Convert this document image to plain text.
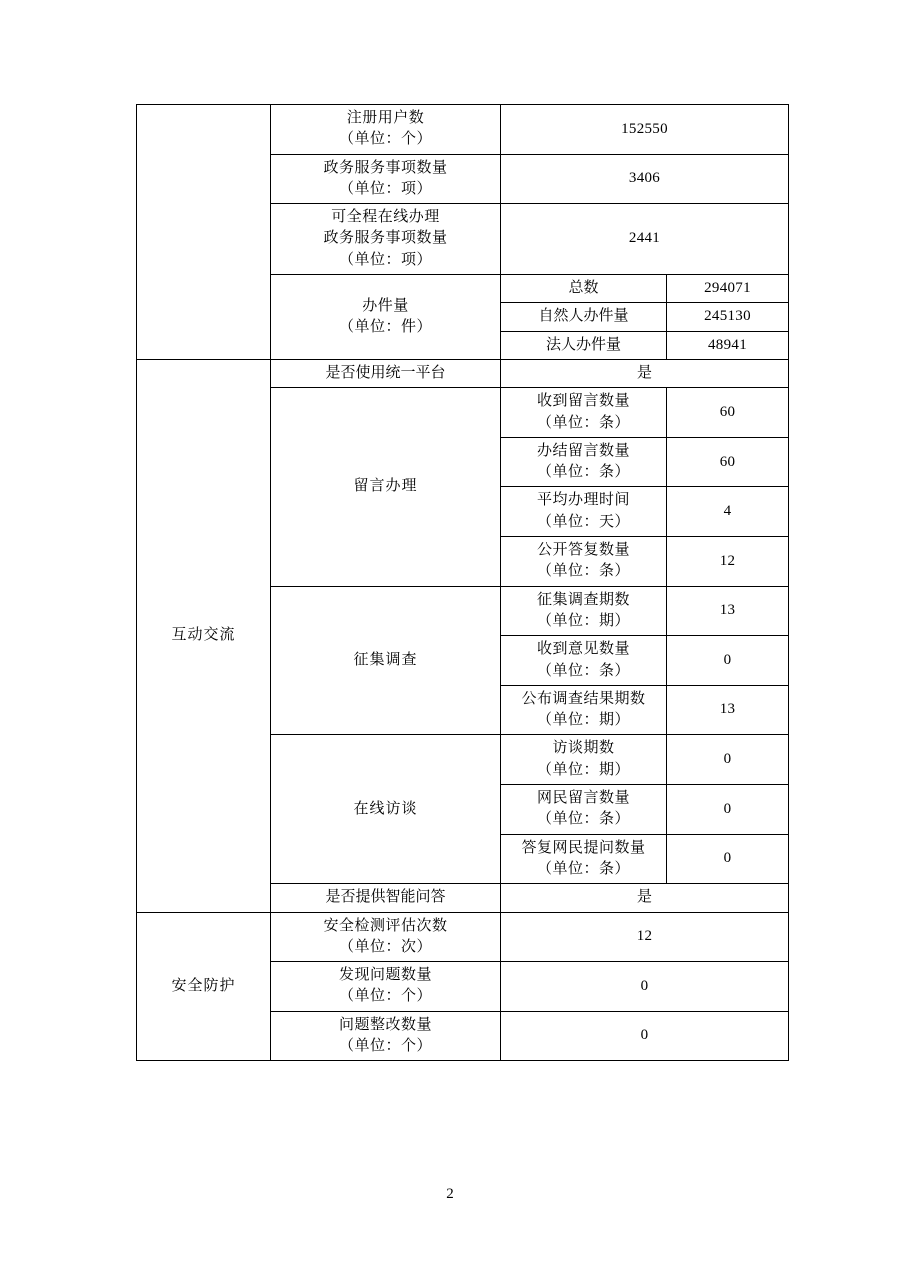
	注册用户数
（单位：个）	152550	
	政务服务事项数量
（单位：项）	3406	
	可全程在线办理
政务服务事项数量
（单位：项）	2441	
	办件量
（单位：件）	总数	294071
		自然人办件量	245130
		法人办件量	48941
互动交流	是否使用统一平台	是	
	留言办理	收到留言数量
（单位：条）	60
		办结留言数量
（单位：条）	60
		平均办理时间
（单位：天）	4
		公开答复数量
（单位：条）	12
	征集调查	征集调查期数
（单位：期）	13
		收到意见数量
（单位：条）	0
		公布调查结果期数
（单位：期）	13
	在线访谈	访谈期数
（单位：期）	0
		网民留言数量
（单位：条）	0
		答复网民提问数量
（单位：条）	0
	是否提供智能问答	是	
安全防护	安全检测评估次数
（单位：次）	12	
	发现问题数量
（单位：个）	0	
	问题整改数量
（单位：个）	0	
2
